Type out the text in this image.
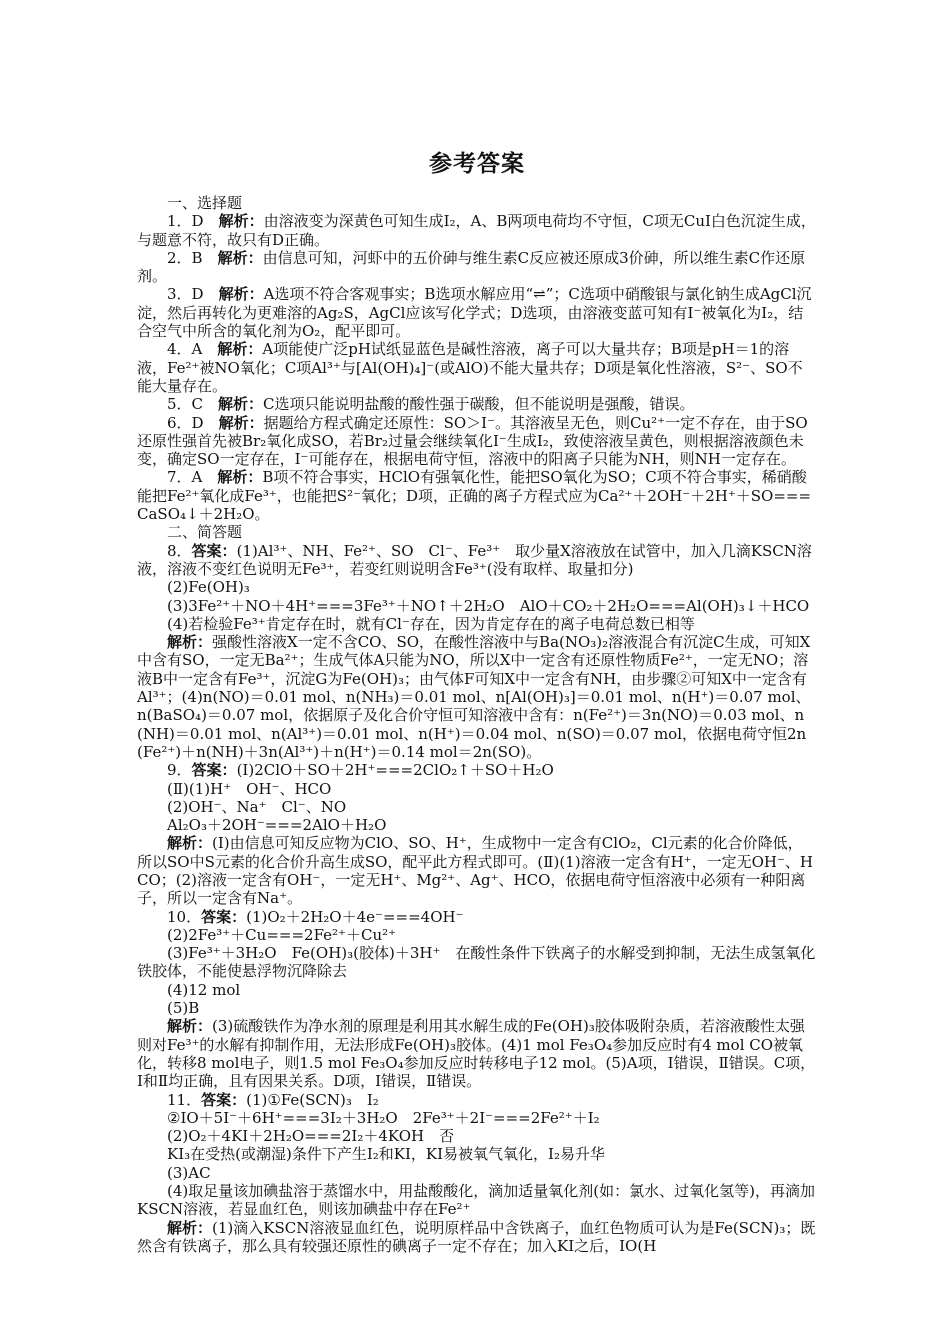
参考答案

一、选择题

1．D　解析：由溶液变为深黄色可知生成I₂，A、B两项电荷均不守恒，C项无CuI白色沉淀生成，与题意不符，故只有D正确。

2．B　解析：由信息可知，河虾中的五价砷与维生素C反应被还原成3价砷，所以维生素C作还原剂。

3．D　解析：A选项不符合客观事实；B选项水解应用“⇌”；C选项中硝酸银与氯化钠生成AgCl沉淀，然后再转化为更难溶的Ag₂S，AgCl应该写化学式；D选项，由溶液变蓝可知有I⁻被氧化为I₂，结合空气中所含的氧化剂为O₂，配平即可。

4．A　解析：A项能使广泛pH试纸显蓝色是碱性溶液，离子可以大量共存；B项是pH＝1的溶液，Fe²⁺被NO氧化；C项Al³⁺与[Al(OH)₄]⁻(或AlO)不能大量共存；D项是氧化性溶液，S²⁻、SO不能大量存在。

5．C　解析：C选项只能说明盐酸的酸性强于碳酸，但不能说明是强酸，错误。

6．D　解析：据题给方程式确定还原性：SO＞I⁻。其溶液呈无色，则Cu²⁺一定不存在，由于SO还原性强首先被Br₂氧化成SO，若Br₂过量会继续氧化I⁻生成I₂，致使溶液呈黄色，则根据溶液颜色未变，确定SO一定存在，I⁻可能存在，根据电荷守恒，溶液中的阳离子只能为NH，则NH一定存在。

7．A　解析：B项不符合事实，HClO有强氧化性，能把SO氧化为SO；C项不符合事实，稀硝酸能把Fe²⁺氧化成Fe³⁺，也能把S²⁻氧化；D项，正确的离子方程式应为Ca²⁺＋2OH⁻＋2H⁺＋SO===CaSO₄↓＋2H₂O。

二、简答题

8．答案：(1)Al³⁺、NH、Fe²⁺、SO　Cl⁻、Fe³⁺　取少量X溶液放在试管中，加入几滴KSCN溶液，溶液不变红色说明无Fe³⁺，若变红则说明含Fe³⁺(没有取样、取量扣分)

(2)Fe(OH)₃

(3)3Fe²⁺＋NO＋4H⁺===3Fe³⁺＋NO↑＋2H₂O　AlO＋CO₂＋2H₂O===Al(OH)₃↓＋HCO

(4)若检验Fe³⁺肯定存在时，就有Cl⁻存在，因为肯定存在的离子电荷总数已相等

解析：强酸性溶液X一定不含CO、SO，在酸性溶液中与Ba(NO₃)₂溶液混合有沉淀C生成，可知X中含有SO，一定无Ba²⁺；生成气体A只能为NO，所以X中一定含有还原性物质Fe²⁺，一定无NO；溶液B中一定含有Fe³⁺，沉淀G为Fe(OH)₃；由气体F可知X中一定含有NH，由步骤②可知X中一定含有Al³⁺；(4)n(NO)＝0.01 mol、n(NH₃)＝0.01 mol、n[Al(OH)₃]＝0.01 mol、n(H⁺)＝0.07 mol、n(BaSO₄)＝0.07 mol，依据原子及化合价守恒可知溶液中含有：n(Fe²⁺)＝3n(NO)＝0.03 mol、n(NH)＝0.01 mol、n(Al³⁺)＝0.01 mol、n(H⁺)＝0.04 mol、n(SO)＝0.07 mol，依据电荷守恒2n(Fe²⁺)＋n(NH)＋3n(Al³⁺)＋n(H⁺)＝0.14 mol＝2n(SO)。

9．答案：(Ⅰ)2ClO＋SO＋2H⁺===2ClO₂↑＋SO＋H₂O

(Ⅱ)(1)H⁺　OH⁻、HCO

(2)OH⁻、Na⁺　Cl⁻、NO

Al₂O₃＋2OH⁻===2AlO＋H₂O

解析：(Ⅰ)由信息可知反应物为ClO、SO、H⁺，生成物中一定含有ClO₂，Cl元素的化合价降低，所以SO中S元素的化合价升高生成SO，配平此方程式即可。(Ⅱ)(1)溶液一定含有H⁺，一定无OH⁻、HCO；(2)溶液一定含有OH⁻，一定无H⁺、Mg²⁺、Ag⁺、HCO，依据电荷守恒溶液中必须有一种阳离子，所以一定含有Na⁺。

10．答案：(1)O₂＋2H₂O＋4e⁻===4OH⁻

(2)2Fe³⁺＋Cu===2Fe²⁺＋Cu²⁺

(3)Fe³⁺＋3H₂O　Fe(OH)₃(胶体)＋3H⁺　在酸性条件下铁离子的水解受到抑制，无法生成氢氧化铁胶体，不能使悬浮物沉降除去

(4)12 mol

(5)B

解析：(3)硫酸铁作为净水剂的原理是利用其水解生成的Fe(OH)₃胶体吸附杂质，若溶液酸性太强则对Fe³⁺的水解有抑制作用，无法形成Fe(OH)₃胶体。(4)1 mol Fe₃O₄参加反应时有4 mol CO被氧化，转移8 mol电子，则1.5 mol Fe₃O₄参加反应时转移电子12 mol。(5)A项，Ⅰ错误，Ⅱ错误。C项，Ⅰ和Ⅱ均正确，且有因果关系。D项，Ⅰ错误，Ⅱ错误。

11．答案：(1)①Fe(SCN)₃　I₂

②IO＋5I⁻＋6H⁺===3I₂＋3H₂O　2Fe³⁺＋2I⁻===2Fe²⁺＋I₂

(2)O₂＋4KI＋2H₂O===2I₂＋4KOH　否

KI₃在受热(或潮湿)条件下产生I₂和KI，KI易被氧气氧化，I₂易升华

(3)AC

(4)取足量该加碘盐溶于蒸馏水中，用盐酸酸化，滴加适量氧化剂(如：氯水、过氧化氢等)，再滴加KSCN溶液，若显血红色，则该加碘盐中存在Fe²⁺

解析：(1)滴入KSCN溶液显血红色，说明原样品中含铁离子，血红色物质可认为是Fe(SCN)₃；既然含有铁离子，那么具有较强还原性的碘离子一定不存在；加入KI之后，IO(H
